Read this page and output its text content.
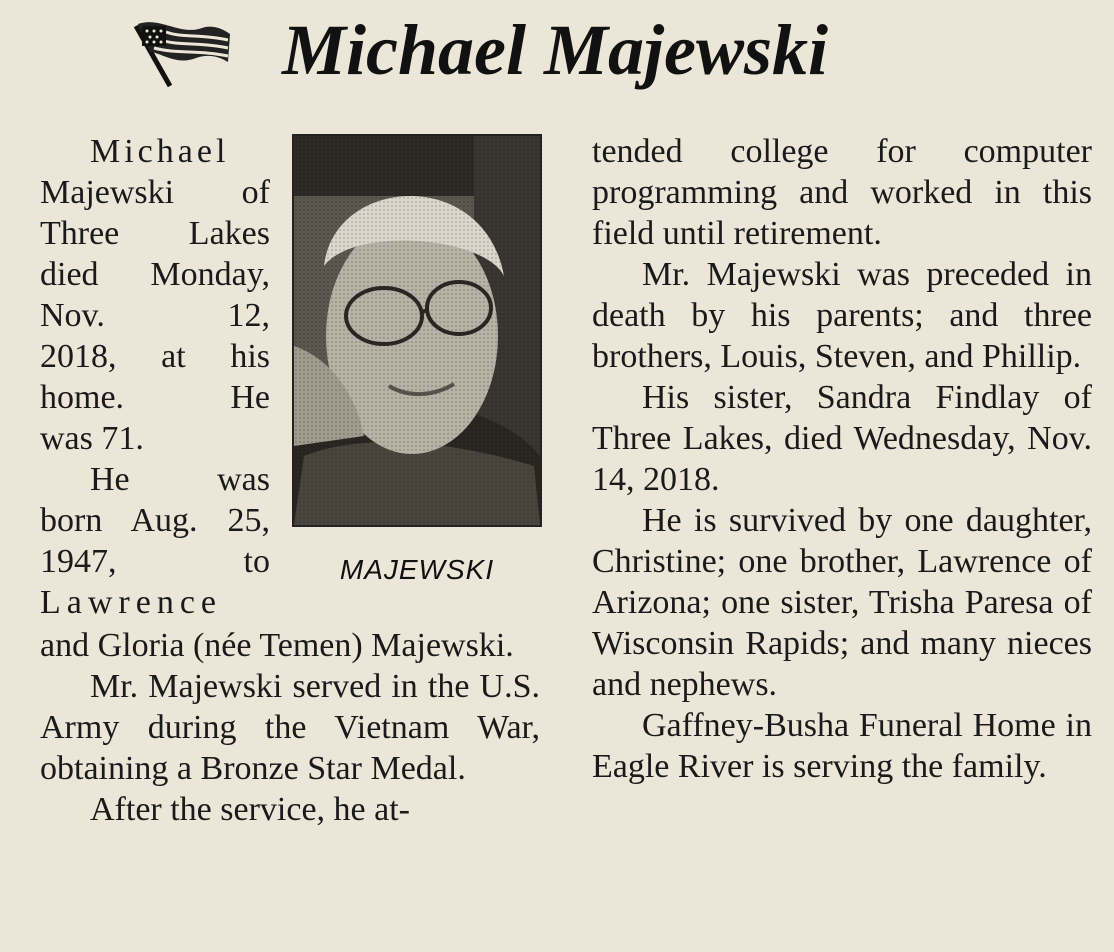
Michael Majewski
Michael
Majewski of
Three Lakes
died Monday,
Nov. 12,
2018, at his
home. He
was 71.
He was
born Aug. 25,
1947, to
Lawrence
MAJEWSKI

and Gloria (née Temen) Majewski.

Mr. Majewski served in the U.S. Army during the Vietnam War, obtaining a Bronze Star Medal.

After the service, he at-

tended college for computer programming and worked in this field until retirement.

Mr. Majewski was preceded in death by his parents; and three brothers, Louis, Steven, and Phillip.

His sister, Sandra Findlay of Three Lakes, died Wednesday, Nov. 14, 2018.

He is survived by one daughter, Christine; one brother, Lawrence of Arizona; one sister, Trisha Paresa of Wisconsin Rapids; and many nieces and nephews.

Gaffney-Busha Funeral Home in Eagle River is serving the family.
